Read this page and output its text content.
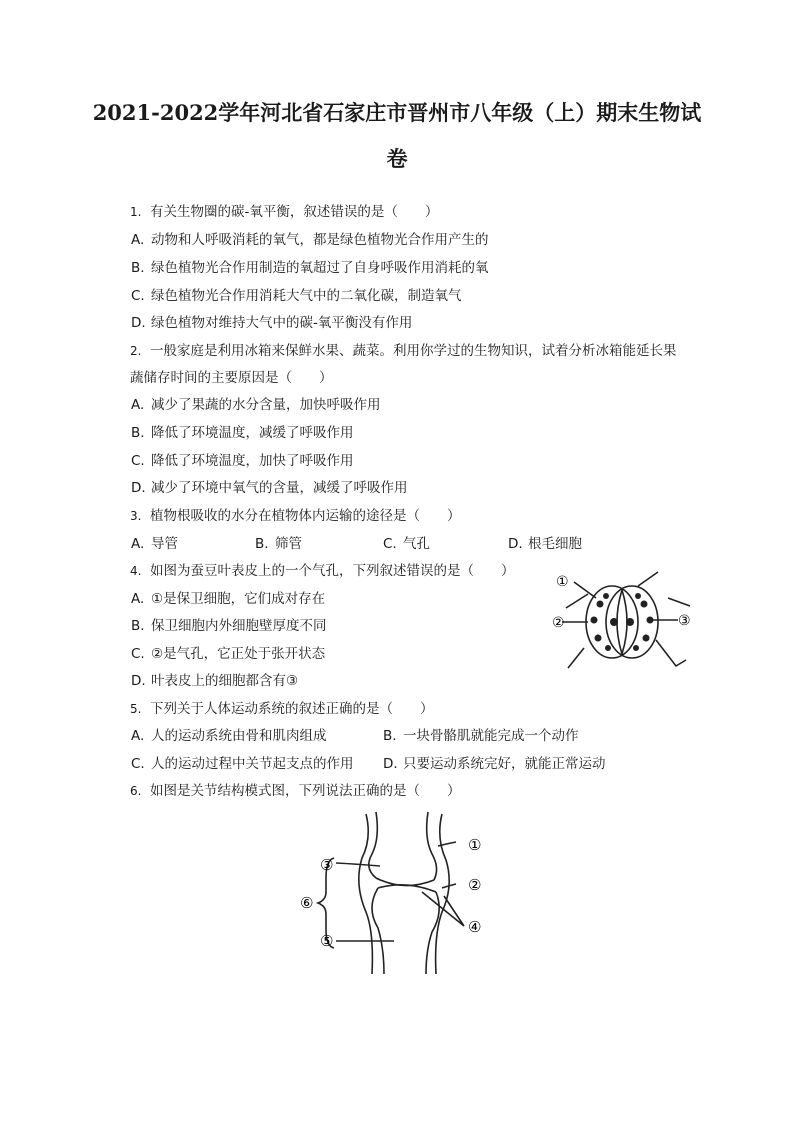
2021-2022学年河北省石家庄市晋州市八年级（上）期末生物试
卷
1. 有关生物圈的碳-氧平衡，叙述错误的是（　　）
A. 动物和人呼吸消耗的氧气，都是绿色植物光合作用产生的
B. 绿色植物光合作用制造的氧超过了自身呼吸作用消耗的氧
C. 绿色植物光合作用消耗大气中的二氧化碳，制造氧气
D. 绿色植物对维持大气中的碳-氧平衡没有作用
2. 一般家庭是利用冰箱来保鲜水果、蔬菜。利用你学过的生物知识，试着分析冰箱能延长果
蔬储存时间的主要原因是（　　）
A. 减少了果蔬的水分含量，加快呼吸作用
B. 降低了环境温度，减缓了呼吸作用
C. 降低了环境温度，加快了呼吸作用
D. 减少了环境中氧气的含量，减缓了呼吸作用
3. 植物根吸收的水分在植物体内运输的途径是（　　）
A. 导管	B. 筛管	C. 气孔	D. 根毛细胞
4. 如图为蚕豆叶表皮上的一个气孔，下列叙述错误的是（　　）
A. ①是保卫细胞，它们成对存在
B. 保卫细胞内外细胞壁厚度不同
C. ②是气孔，它正处于张开状态
D. 叶表皮上的细胞都含有③
①
②	③
5. 下列关于人体运动系统的叙述正确的是（　　）
A. 人的运动系统由骨和肌肉组成	B. 一块骨骼肌就能完成一个动作
C. 人的运动过程中关节起支点的作用 D. 只要运动系统完好，就能正常运动
6. 如图是关节结构模式图，下列说法正确的是（　　）
③
①
②
④
⑥
⑤
